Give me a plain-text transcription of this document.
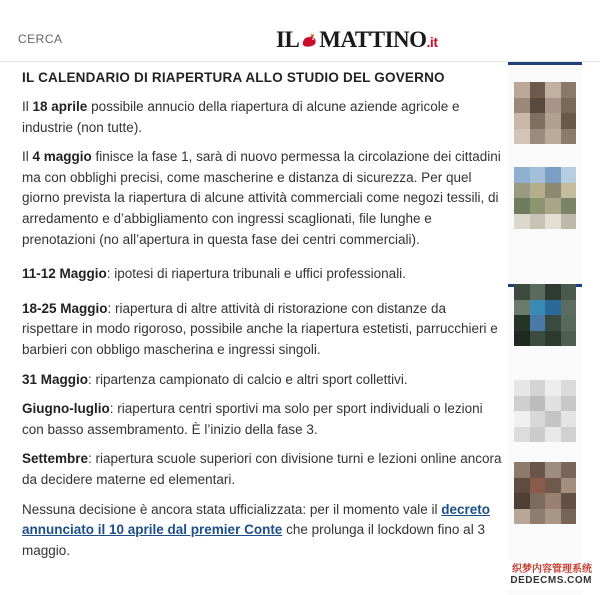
CERCA	IL MATTINO.it
IL CALENDARIO DI RIAPERTURA ALLO STUDIO DEL GOVERNO

Il 18 aprile possibile annucio della riapertura di alcune aziende agricole e industrie (non tutte).

Il 4 maggio finisce la fase 1, sarà di nuovo permessa la circolazione dei cittadini ma con obblighi precisi, come mascherine e distanza di sicurezza. Per quel giorno prevista la riapertura di alcune attività commerciali come negozi tessili, di arredamento e d’abbigliamento con ingressi scaglionati, file lunghe e prenotazioni (no all’apertura in questa fase dei centri commerciali).

11-12 Maggio: ipotesi di riapertura tribunali e uffici professionali.

18-25 Maggio: riapertura di altre attività di ristorazione con distanze da rispettare in modo rigoroso, possibile anche la riapertura estetisti, parrucchieri e barbieri con obbligo mascherina e ingressi singoli.

31 Maggio: ripartenza campionato di calcio e altri sport collettivi.

Giugno-luglio: riapertura centri sportivi ma solo per sport individuali o lezioni con basso assembramento. È l’inizio della fase 3.

Settembre: riapertura scuole superiori con divisione turni e lezioni online ancora da decidere materne ed elementari.

Nessuna decisione è ancora stata ufficializzata: per il momento vale il decreto annunciato il 10 aprile dal premier Conte che prolunga il lockdown fino al 3 maggio.

织梦内容管理系统
DEDECMS.COM
